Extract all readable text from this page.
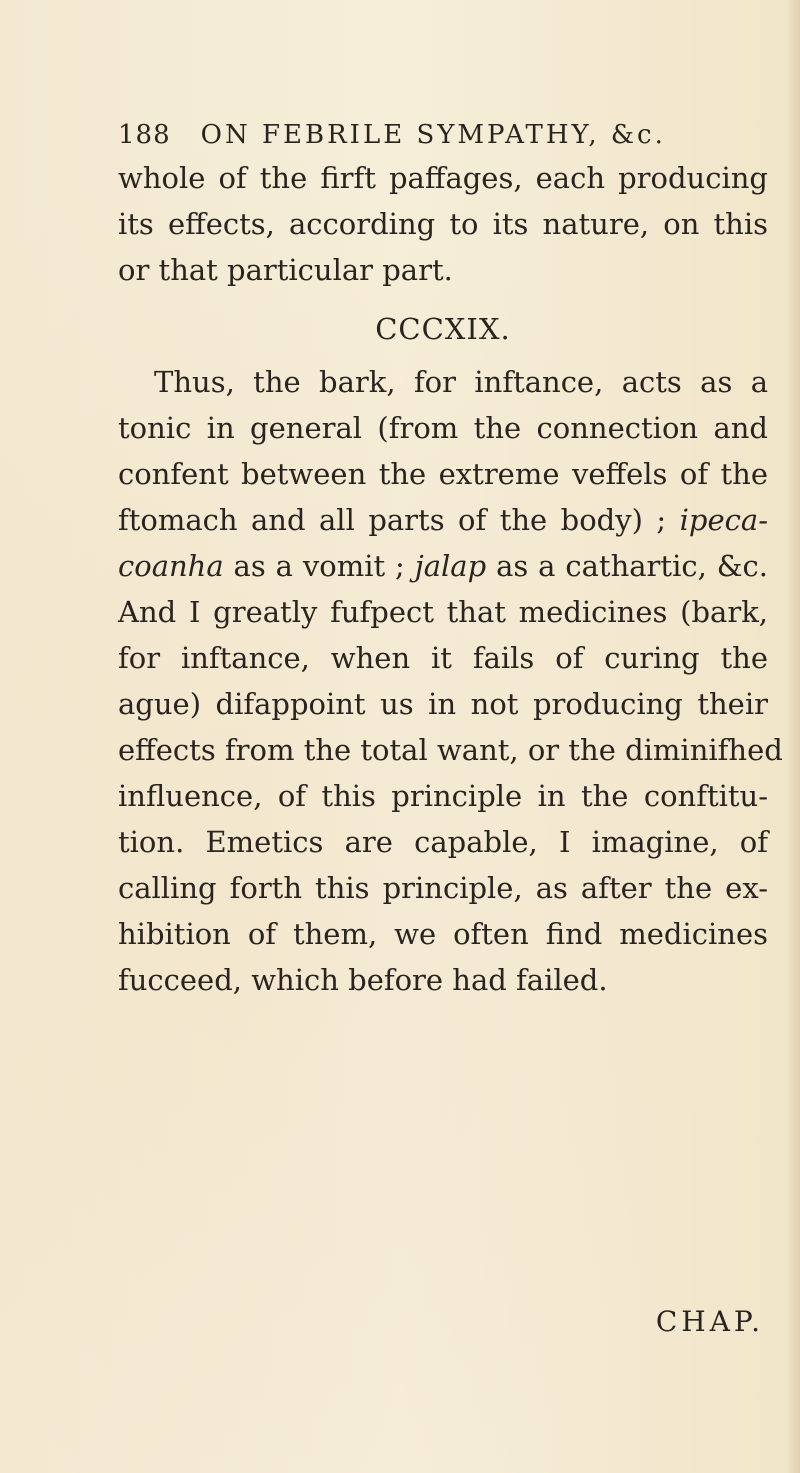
188 ON FEBRILE SYMPATHY, &c.
whole of the firft paffages, each producing
its effects, according to its nature, on this
or that particular part.
CCCXIX.
Thus, the bark, for inftance, acts as a
tonic in general (from the connection and
confent between the extreme veffels of the
ftomach and all parts of the body) ; ipeca-
coanha as a vomit ; jalap as a cathartic, &c.
And I greatly fufpect that medicines (bark,
for inftance, when it fails of curing the
ague) difappoint us in not producing their
effects from the total want, or the diminifhed
influence, of this principle in the conftitu-
tion. Emetics are capable, I imagine, of
calling forth this principle, as after the ex-
hibition of them, we often find medicines
fucceed, which before had failed.
CHAP.
